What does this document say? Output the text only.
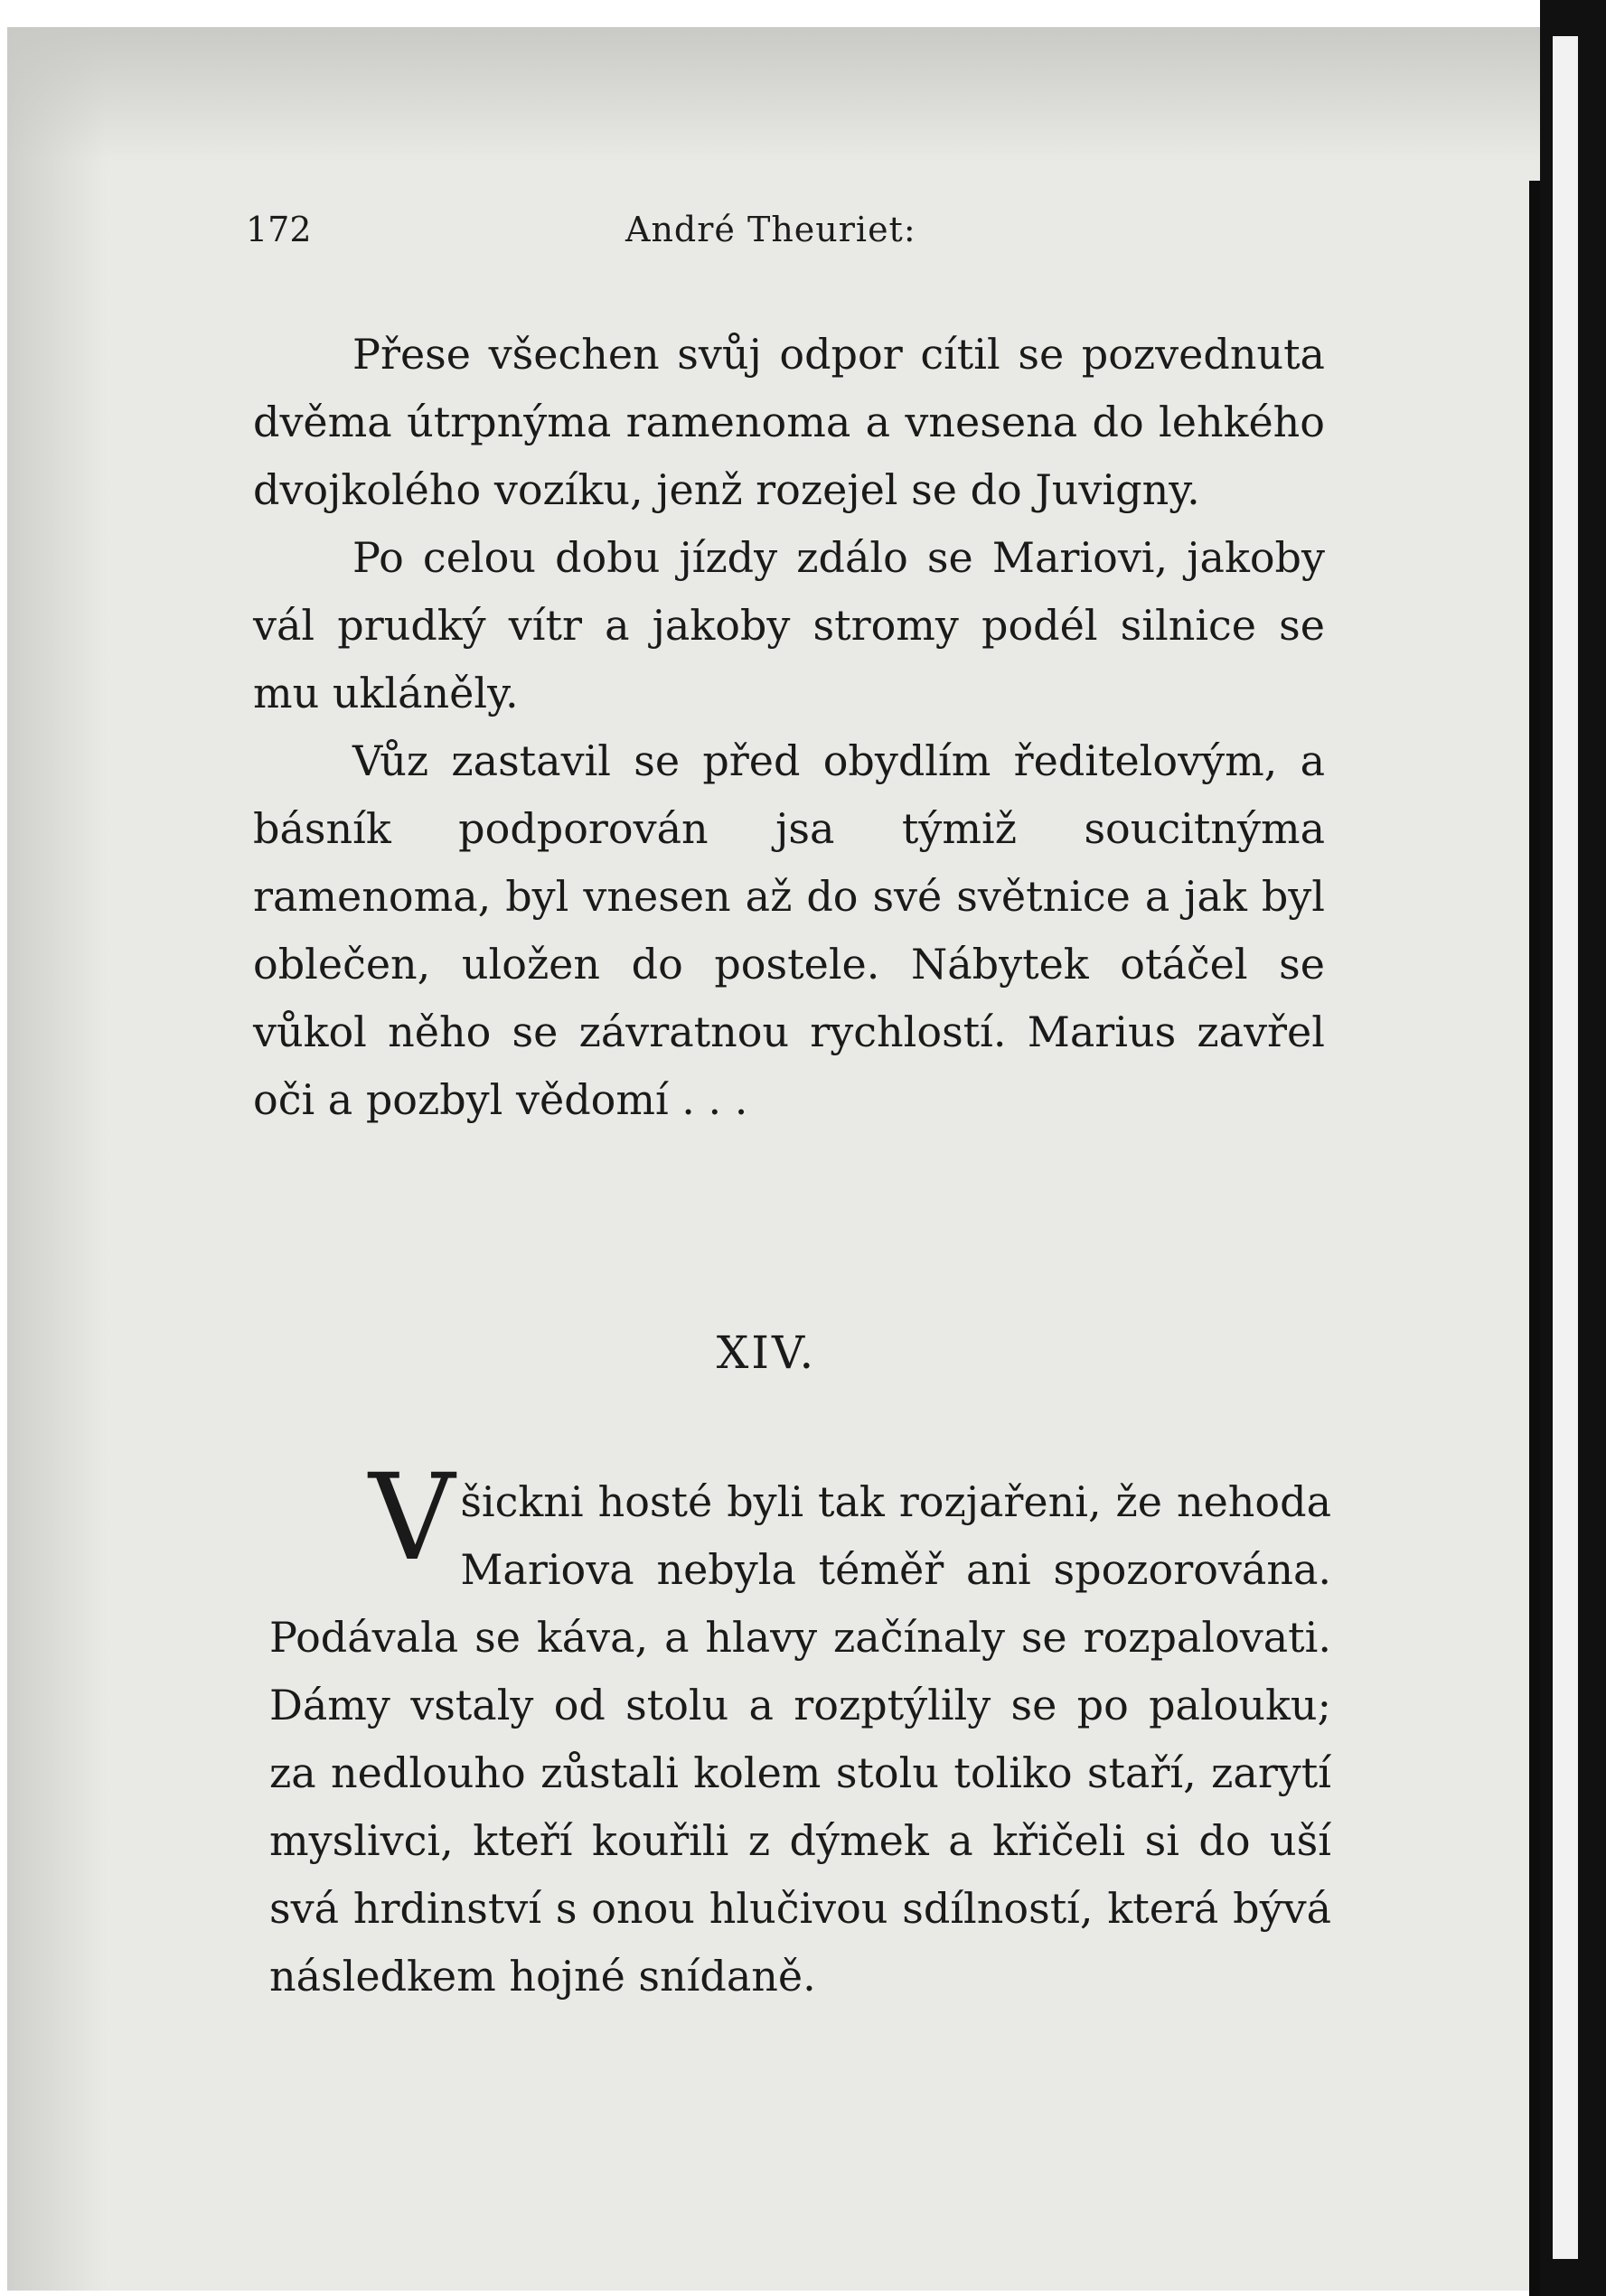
172	André Theuriet:

Přese všechen svůj odpor cítil se pozvednuta dvěma útrpnýma ramenoma a vnesena do lehkého dvojkolého vozíku, jenž rozejel se do Juvigny.

Po celou dobu jízdy zdálo se Mariovi, jakoby vál prudký vítr a jakoby stromy podél silnice se mu ukláněly.

Vůz zastavil se před obydlím ředitelovým, a básník podporován jsa týmiž soucitnýma ramenoma, byl vnesen až do své světnice a jak byl oblečen, uložen do postele. Nábytek otáčel se vůkol něho se závratnou rychlostí. Marius zavřel oči a pozbyl vědomí . . .

XIV.
V šickni hosté byli tak rozjařeni, že nehoda Mariova nebyla téměř ani spozorována. Podávala se káva, a hlavy začínaly se rozpalovati. Dámy vstaly od stolu a rozptýlily se po palouku; za nedlouho zůstali kolem stolu toliko staří, zarytí myslivci, kteří kouřili z dýmek a křičeli si do uší svá hrdinství s onou hlučivou sdílností, která bývá následkem hojné snídaně.
